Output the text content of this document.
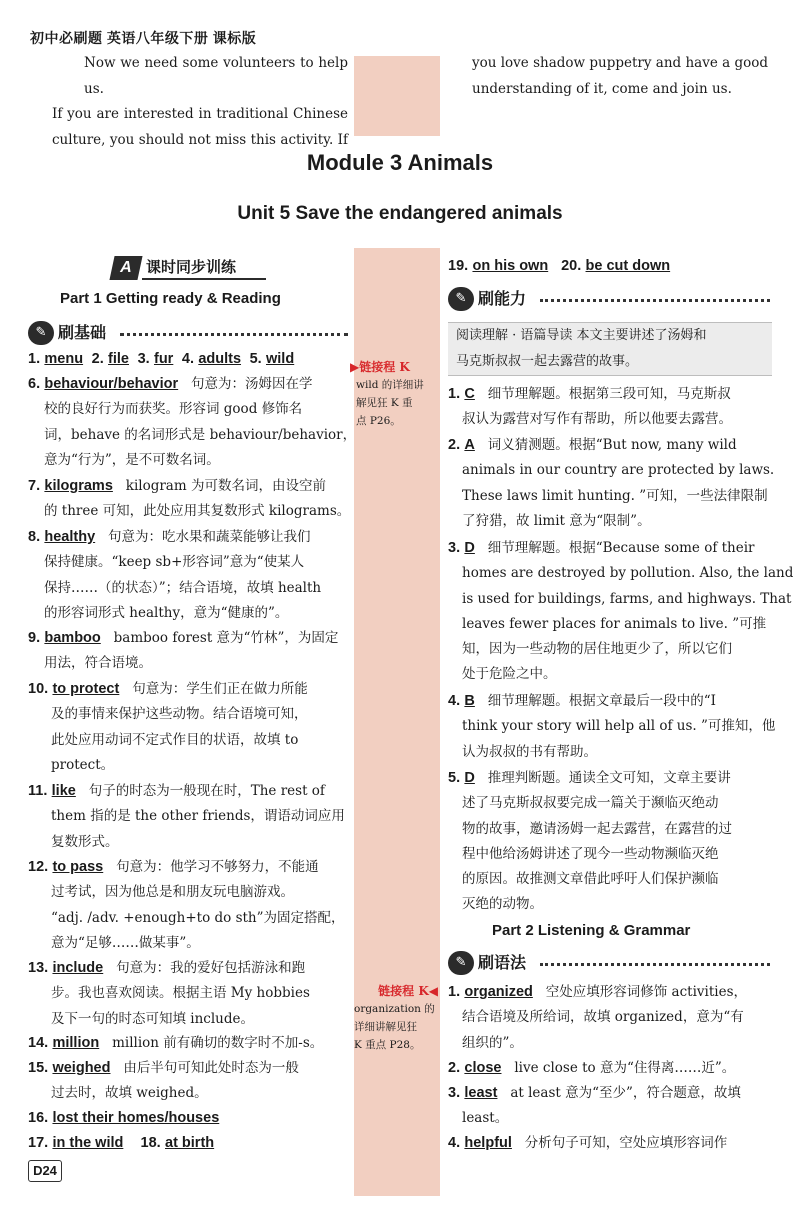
初中必刷题 英语八年级下册 课标版
Now we need some volunteers to help us.
If you are interested in traditional Chinese
culture, you should not miss this activity. If
you love shadow puppetry and have a good
understanding of it, come and join us.
Module 3 Animals
Unit 5 Save the endangered animals
A 课时同步训练
Part 1 Getting ready & Reading
✎ 刷基础
1. menu 2. file 3. fur 4. adults 5. wild
6. behaviour/behavior 句意为：汤姆因在学
校的良好行为而获奖。形容词 good 修饰名
词，behave 的名词形式是 behaviour/behavior，
意为“行为”，是不可数名词。
7. kilograms kilogram 为可数名词，由设空前
的 three 可知，此处应用其复数形式 kilograms。
8. healthy 句意为：吃水果和蔬菜能够让我们
保持健康。“keep sb+形容词”意为“使某人
保持……（的状态）”；结合语境，故填 health
的形容词形式 healthy，意为“健康的”。
9. bamboo bamboo forest 意为“竹林”，为固定
用法，符合语境。
10. to protect 句意为：学生们正在做力所能
及的事情来保护这些动物。结合语境可知，
此处应用动词不定式作目的状语，故填 to
protect。
11. like 句子的时态为一般现在时，The rest of
them 指的是 the other friends，谓语动词应用
复数形式。
12. to pass 句意为：他学习不够努力，不能通
过考试，因为他总是和朋友玩电脑游戏。
“adj. /adv. +enough+to do sth”为固定搭配，
意为“足够……做某事”。
13. include 句意为：我的爱好包括游泳和跑
步。我也喜欢阅读。根据主语 My hobbies
及下一句的时态可知填 include。
14. million million 前有确切的数字时不加-s。
15. weighed 由后半句可知此处时态为一般
过去时，故填 weighed。
16. lost their homes/houses
17. in the wild 18. at birth
▶链接程 K
wild 的详细讲
解见狂 K 重
点 P26。
链接程 K◀
organization 的
详细讲解见狂
K 重点 P28。
19. on his own 20. be cut down
✎ 刷能力
阅读理解 · 语篇导读 本文主要讲述了汤姆和
马克斯叔叔一起去露营的故事。
1. C 细节理解题。根据第三段可知，马克斯叔
叔认为露营对写作有帮助，所以他要去露营。
2. A 词义猜测题。根据“But now, many wild
animals in our country are protected by laws.
These laws limit hunting. ”可知，一些法律限制
了狩猎，故 limit 意为“限制”。
3. D 细节理解题。根据“Because some of their
homes are destroyed by pollution. Also, the land
is used for buildings, farms, and highways. That
leaves fewer places for animals to live. ”可推
知，因为一些动物的居住地更少了，所以它们
处于危险之中。
4. B 细节理解题。根据文章最后一段中的“I
think your story will help all of us. ”可推知，他
认为叔叔的书有帮助。
5. D 推理判断题。通读全文可知，文章主要讲
述了马克斯叔叔要完成一篇关于濒临灭绝动
物的故事，邀请汤姆一起去露营，在露营的过
程中他给汤姆讲述了现今一些动物濒临灭绝
的原因。故推测文章借此呼吁人们保护濒临
灭绝的动物。
Part 2 Listening & Grammar
✎ 刷语法
1. organized 空处应填形容词修饰 activities，
结合语境及所给词，故填 organized，意为“有
组织的”。
2. close live close to 意为“住得离……近”。
3. least at least 意为“至少”，符合题意，故填
least。
4. helpful 分析句子可知，空处应填形容词作
D24
